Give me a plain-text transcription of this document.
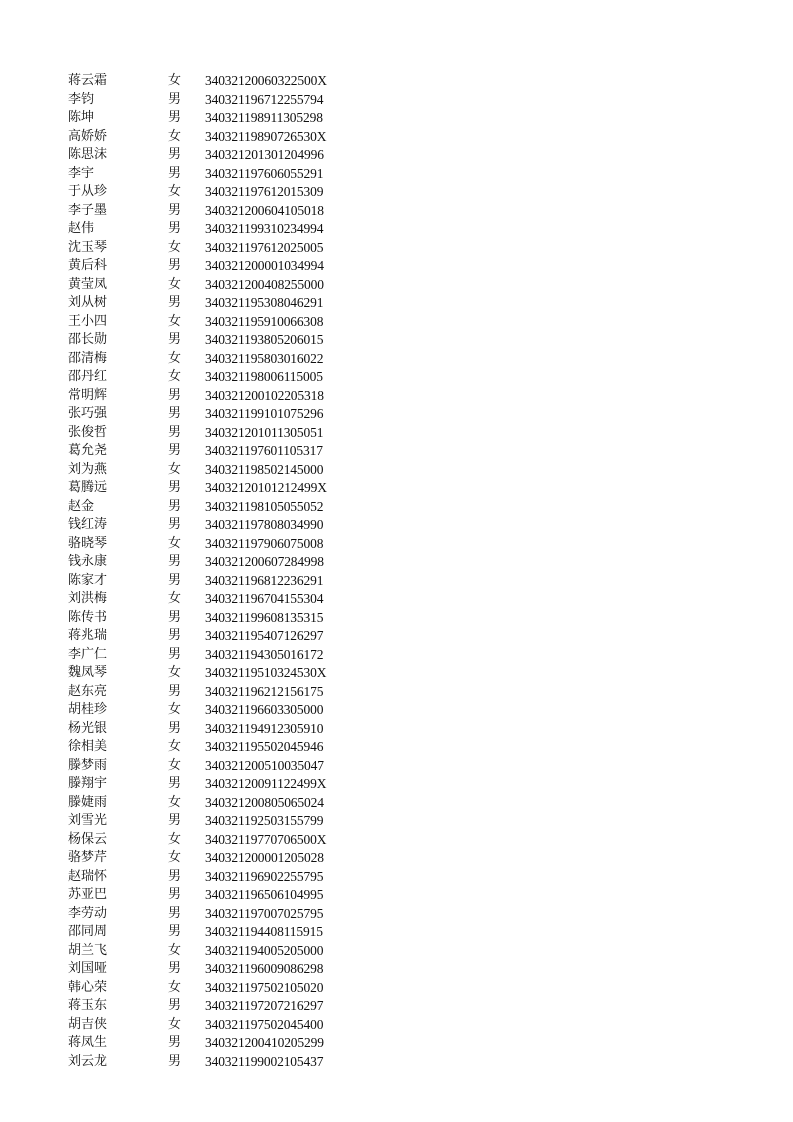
蒋云霜	女 34032120060322500X
李钧	男 340321196712255794
陈坤	男 340321198911305298
高娇娇	女 34032119890726530X
陈思沫	男 340321201301204996
李宇	男 340321197606055291
于从珍	女 340321197612015309
李子墨	男 340321200604105018
赵伟	男 340321199310234994
沈玉琴	女 340321197612025005
黄后科	男 340321200001034994
黄莹凤	女 340321200408255000
刘从树	男 340321195308046291
王小四	女 340321195910066308
邵长勋	男 340321193805206015
邵清梅	女 340321195803016022
邵丹红	女 340321198006115005
常明辉	男 340321200102205318
张巧强	男 340321199101075296
张俊哲	男 340321201011305051
葛允尧	男 340321197601105317
刘为燕	女 340321198502145000
葛腾远	男 34032120101212499X
赵金	男 340321198105055052
钱红涛	男 340321197808034990
骆晓琴	女 340321197906075008
钱永康	男 340321200607284998
陈家才	男 340321196812236291
刘洪梅	女 340321196704155304
陈传书	男 340321199608135315
蒋兆瑞	男 340321195407126297
李广仁	男 340321194305016172
魏凤琴	女 34032119510324530X
赵东亮	男 340321196212156175
胡桂珍	女 340321196603305000
杨光银	男 340321194912305910
徐相美	女 340321195502045946
滕梦雨	女 340321200510035047
滕翔宇	男 34032120091122499X
滕婕雨	女 340321200805065024
刘雪光	男 340321192503155799
杨保云	女 34032119770706500X
骆梦芹	女 340321200001205028
赵瑞怀	男 340321196902255795
苏亚巴	男 340321196506104995
李劳动	男 340321197007025795
邵同周	男 340321194408115915
胡兰飞	女 340321194005205000
刘国哑	男 340321196009086298
韩心荣	女 340321197502105020
蒋玉东	男 340321197207216297
胡吉侠	女 340321197502045400
蒋凤生	男 340321200410205299
刘云龙	男 340321199002105437
